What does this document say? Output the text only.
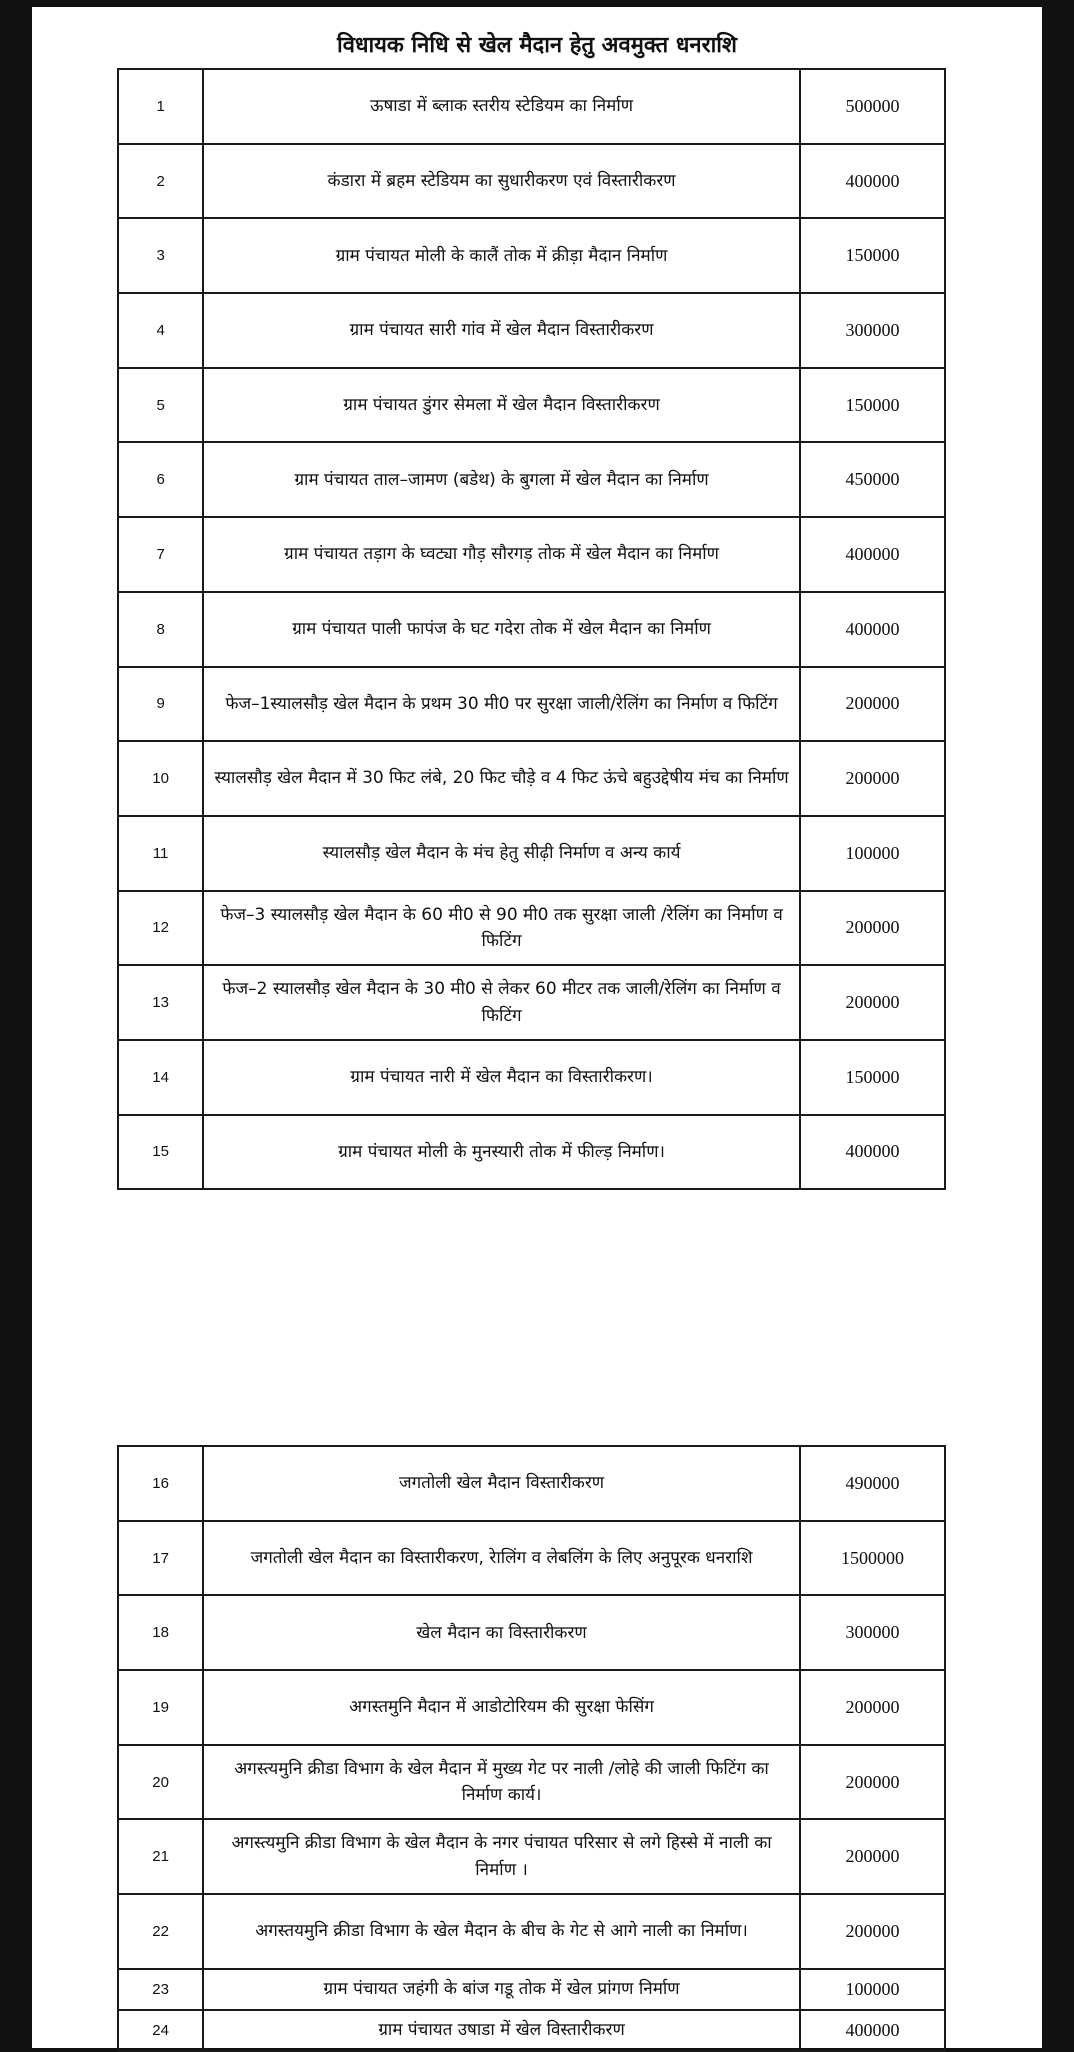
विधायक निधि से खेल मैदान हेतु अवमुक्त धनराशि
1	ऊषाडा में ब्लाक स्तरीय स्टेडियम का निर्माण	500000
2	कंडारा में ब्रहम स्टेडियम का सुधारीकरण एवं विस्तारीकरण	400000
3	ग्राम पंचायत मोली के कालैं तोक में क्रीड़ा मैदान निर्माण	150000
4	ग्राम पंचायत सारी गांव में खेल मैदान विस्तारीकरण	300000
5	ग्राम पंचायत डुंगर सेमला में खेल मैदान विस्तारीकरण	150000
6	ग्राम पंचायत ताल–जामण (बडेथ) के बुगला में खेल मैदान का निर्माण	450000
7	ग्राम पंचायत तड़ाग के घ्वट्या गौड़ सौरगड़ तोक में खेल मैदान का निर्माण	400000
8	ग्राम पंचायत पाली फापंज के घट गदेरा तोक में खेल मैदान का निर्माण	400000
9	फेज–1स्यालसौड़ खेल मैदान के प्रथम 30 मी0 पर सुरक्षा जाली/रेलिंग का निर्माण व फिटिंग	200000
10	स्यालसौड़ खेल मैदान में 30 फिट लंबे, 20 फिट चौड़े व 4 फिट ऊंचे बहुउद्देषीय मंच का निर्माण	200000
11	स्यालसौड़ खेल मैदान के मंच हेतु सीढ़ी निर्माण व अन्य कार्य	100000
12	फेज–3 स्यालसौड़ खेल मैदान के 60 मी0 से 90 मी0 तक सुरक्षा जाली /रेलिंग का निर्माण व फिटिंग	200000
13	फेज–2 स्यालसौड़ खेल मैदान के 30 मी0 से लेकर 60 मीटर तक जाली/रेलिंग का निर्माण व फिटिंग	200000
14	ग्राम पंचायत नारी में खेल मैदान का विस्तारीकरण।	150000
15	ग्राम पंचायत मोली के मुनस्यारी तोक में फील्ड़ निर्माण।	400000
16	जगतोली खेल मैदान विस्तारीकरण	490000
17	जगतोली खेल मैदान का विस्तारीकरण, रेालिंग व लेबलिंग के लिए अनुपूरक धनराशि	1500000
18	खेल मैदान का विस्तारीकरण	300000
19	अगस्तमुनि मैदान में आडोटोरियम की सुरक्षा फेसिंग	200000
20	अगस्त्यमुनि क्रीडा विभाग के खेल मैदान में मुख्य गेट पर नाली /लोहे की जाली फिटिंग का निर्माण कार्य।	200000
21	अगस्त्यमुनि क्रीडा विभाग के खेल मैदान के नगर पंचायत परिसार से लगे हिस्से में नाली का निर्माण ।	200000
22	अगस्तयमुनि क्रीडा विभाग के खेल मैदान के बीच के गेट से आगे नाली का निर्माण।	200000
23	ग्राम पंचायत जहंगी के बांज गडू तोक में खेल प्रांगण निर्माण	100000
24	ग्राम पंचायत उषाडा में खेल विस्तारीकरण	400000
